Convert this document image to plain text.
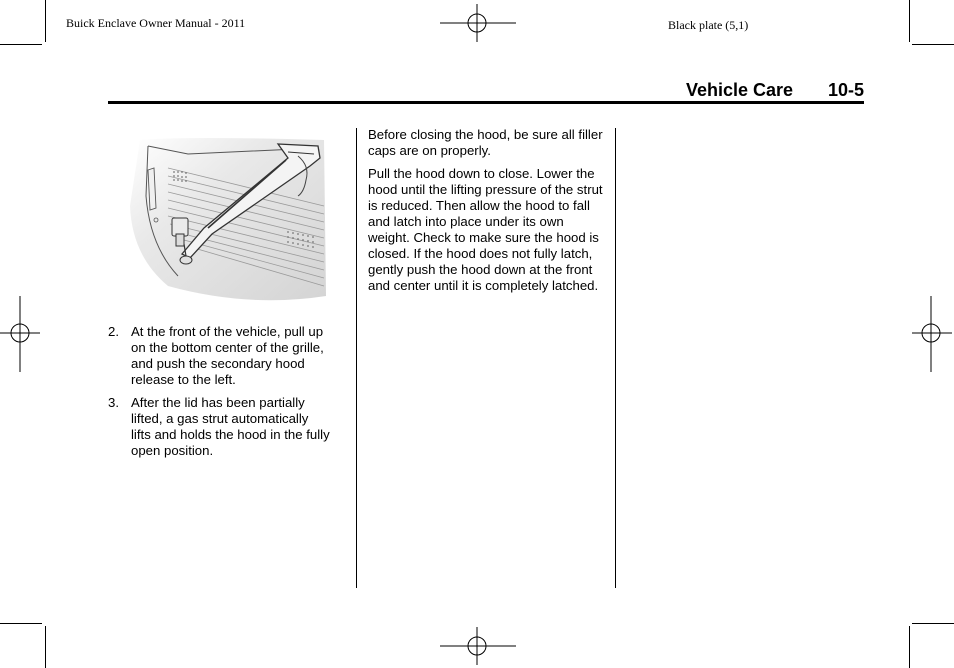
Buick Enclave Owner Manual - 2011	Black plate (5,1)
Vehicle Care 10-5
2. At the front of the vehicle, pull up on the bottom center of the grille, and push the secondary hood release to the left.
3. After the lid has been partially lifted, a gas strut automatically lifts and holds the hood in the fully open position.

Before closing the hood, be sure all filler caps are on properly.

Pull the hood down to close. Lower the hood until the lifting pressure of the strut is reduced. Then allow the hood to fall and latch into place under its own weight. Check to make sure the hood is closed. If the hood does not fully latch, gently push the hood down at the front and center until it is completely latched.
